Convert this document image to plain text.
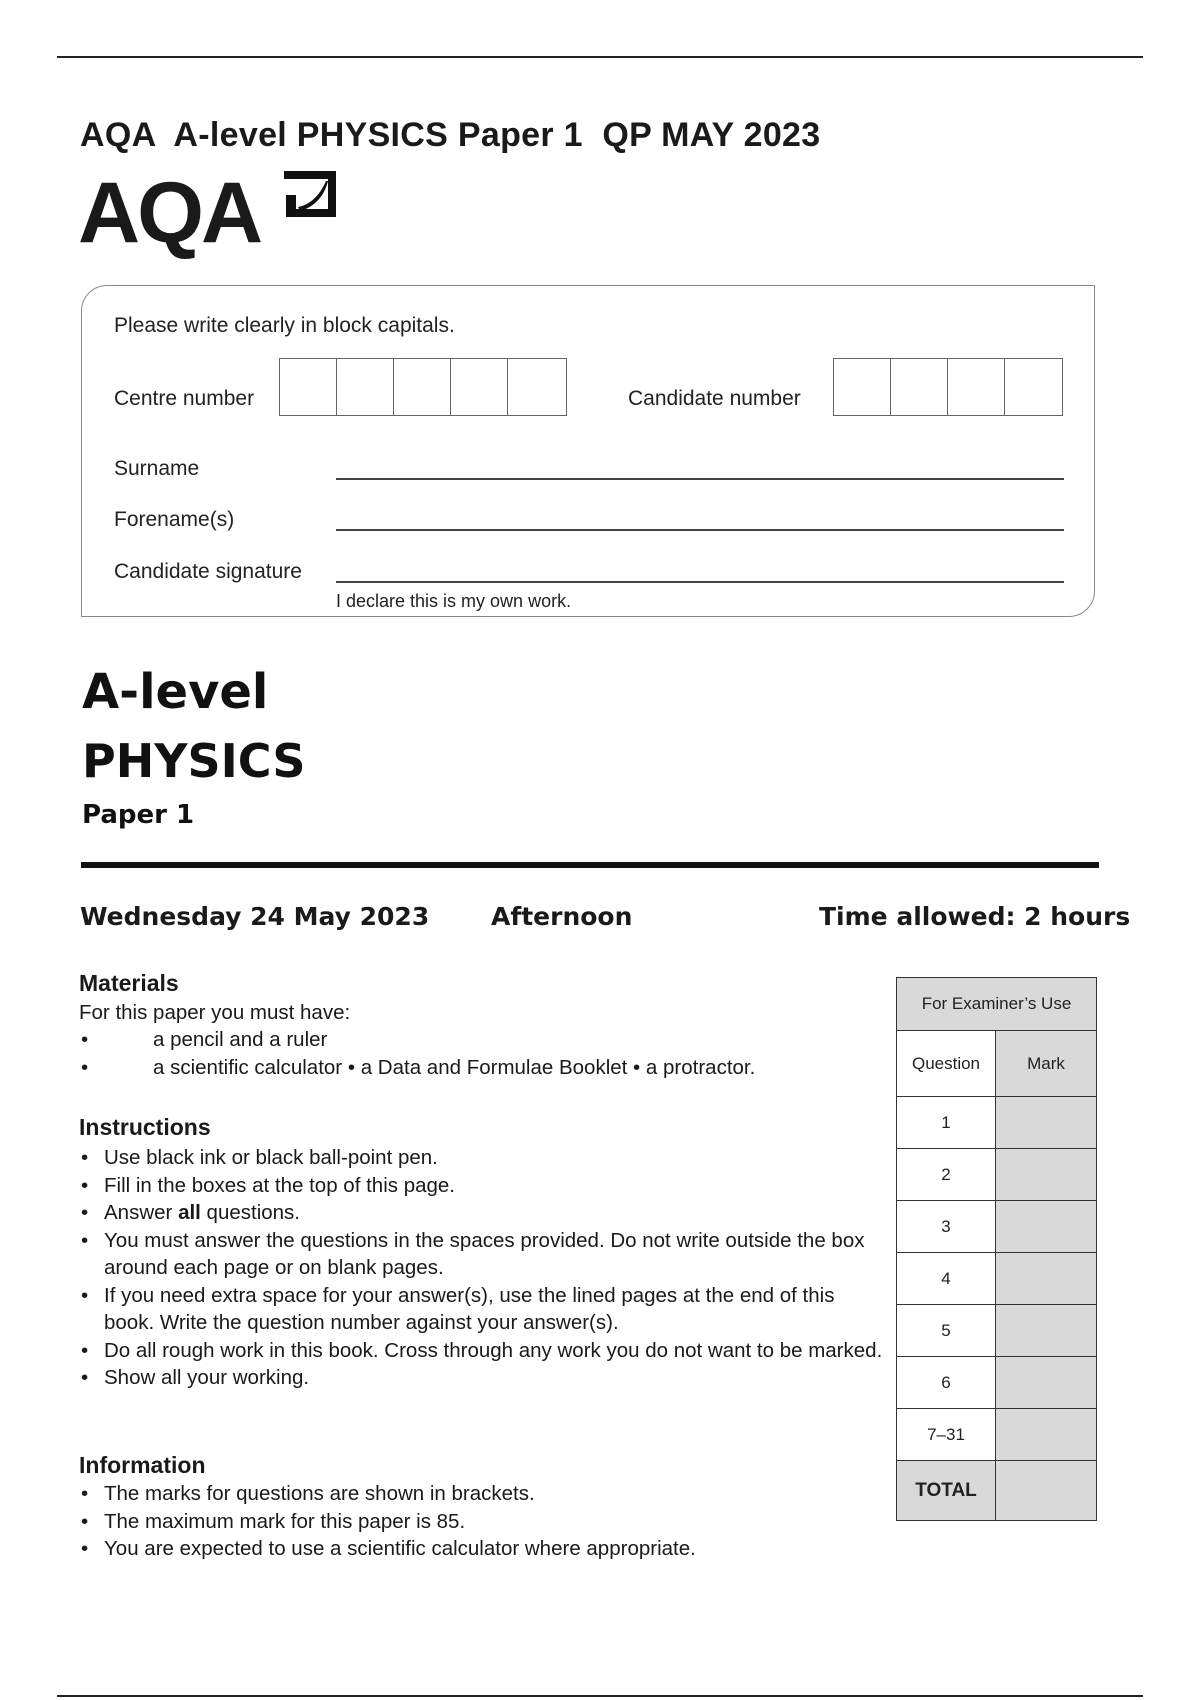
AQA  A-level PHYSICS Paper 1  QP MAY 2023
AQA
Please write clearly in block capitals.
Centre number	Candidate number
Surname
Forename(s)
Candidate signature
I declare this is my own work.
A-level
PHYSICS
Paper 1
Wednesday 24 May 2023 Afternoon	Time allowed: 2 hours
Materials
For this paper you must have:
•	a pencil and a ruler
•	a scientific calculator • a Data and Formulae Booklet • a protractor.
Instructions
• Use black ink or black ball-point pen.
• Fill in the boxes at the top of this page.
• Answer all questions.
• You must answer the questions in the spaces provided. Do not write outside the box around each page or on blank pages.
• If you need extra space for your answer(s), use the lined pages at the end of this book. Write the question number against your answer(s).
• Do all rough work in this book. Cross through any work you do not want to be marked.
• Show all your working.
Information
• The marks for questions are shown in brackets.
• The maximum mark for this paper is 85.
• You are expected to use a scientific calculator where appropriate.
For Examiner’s Use	
Question	Mark
1	
2	
3	
4	
5	
6	
7–31	
TOTAL	
